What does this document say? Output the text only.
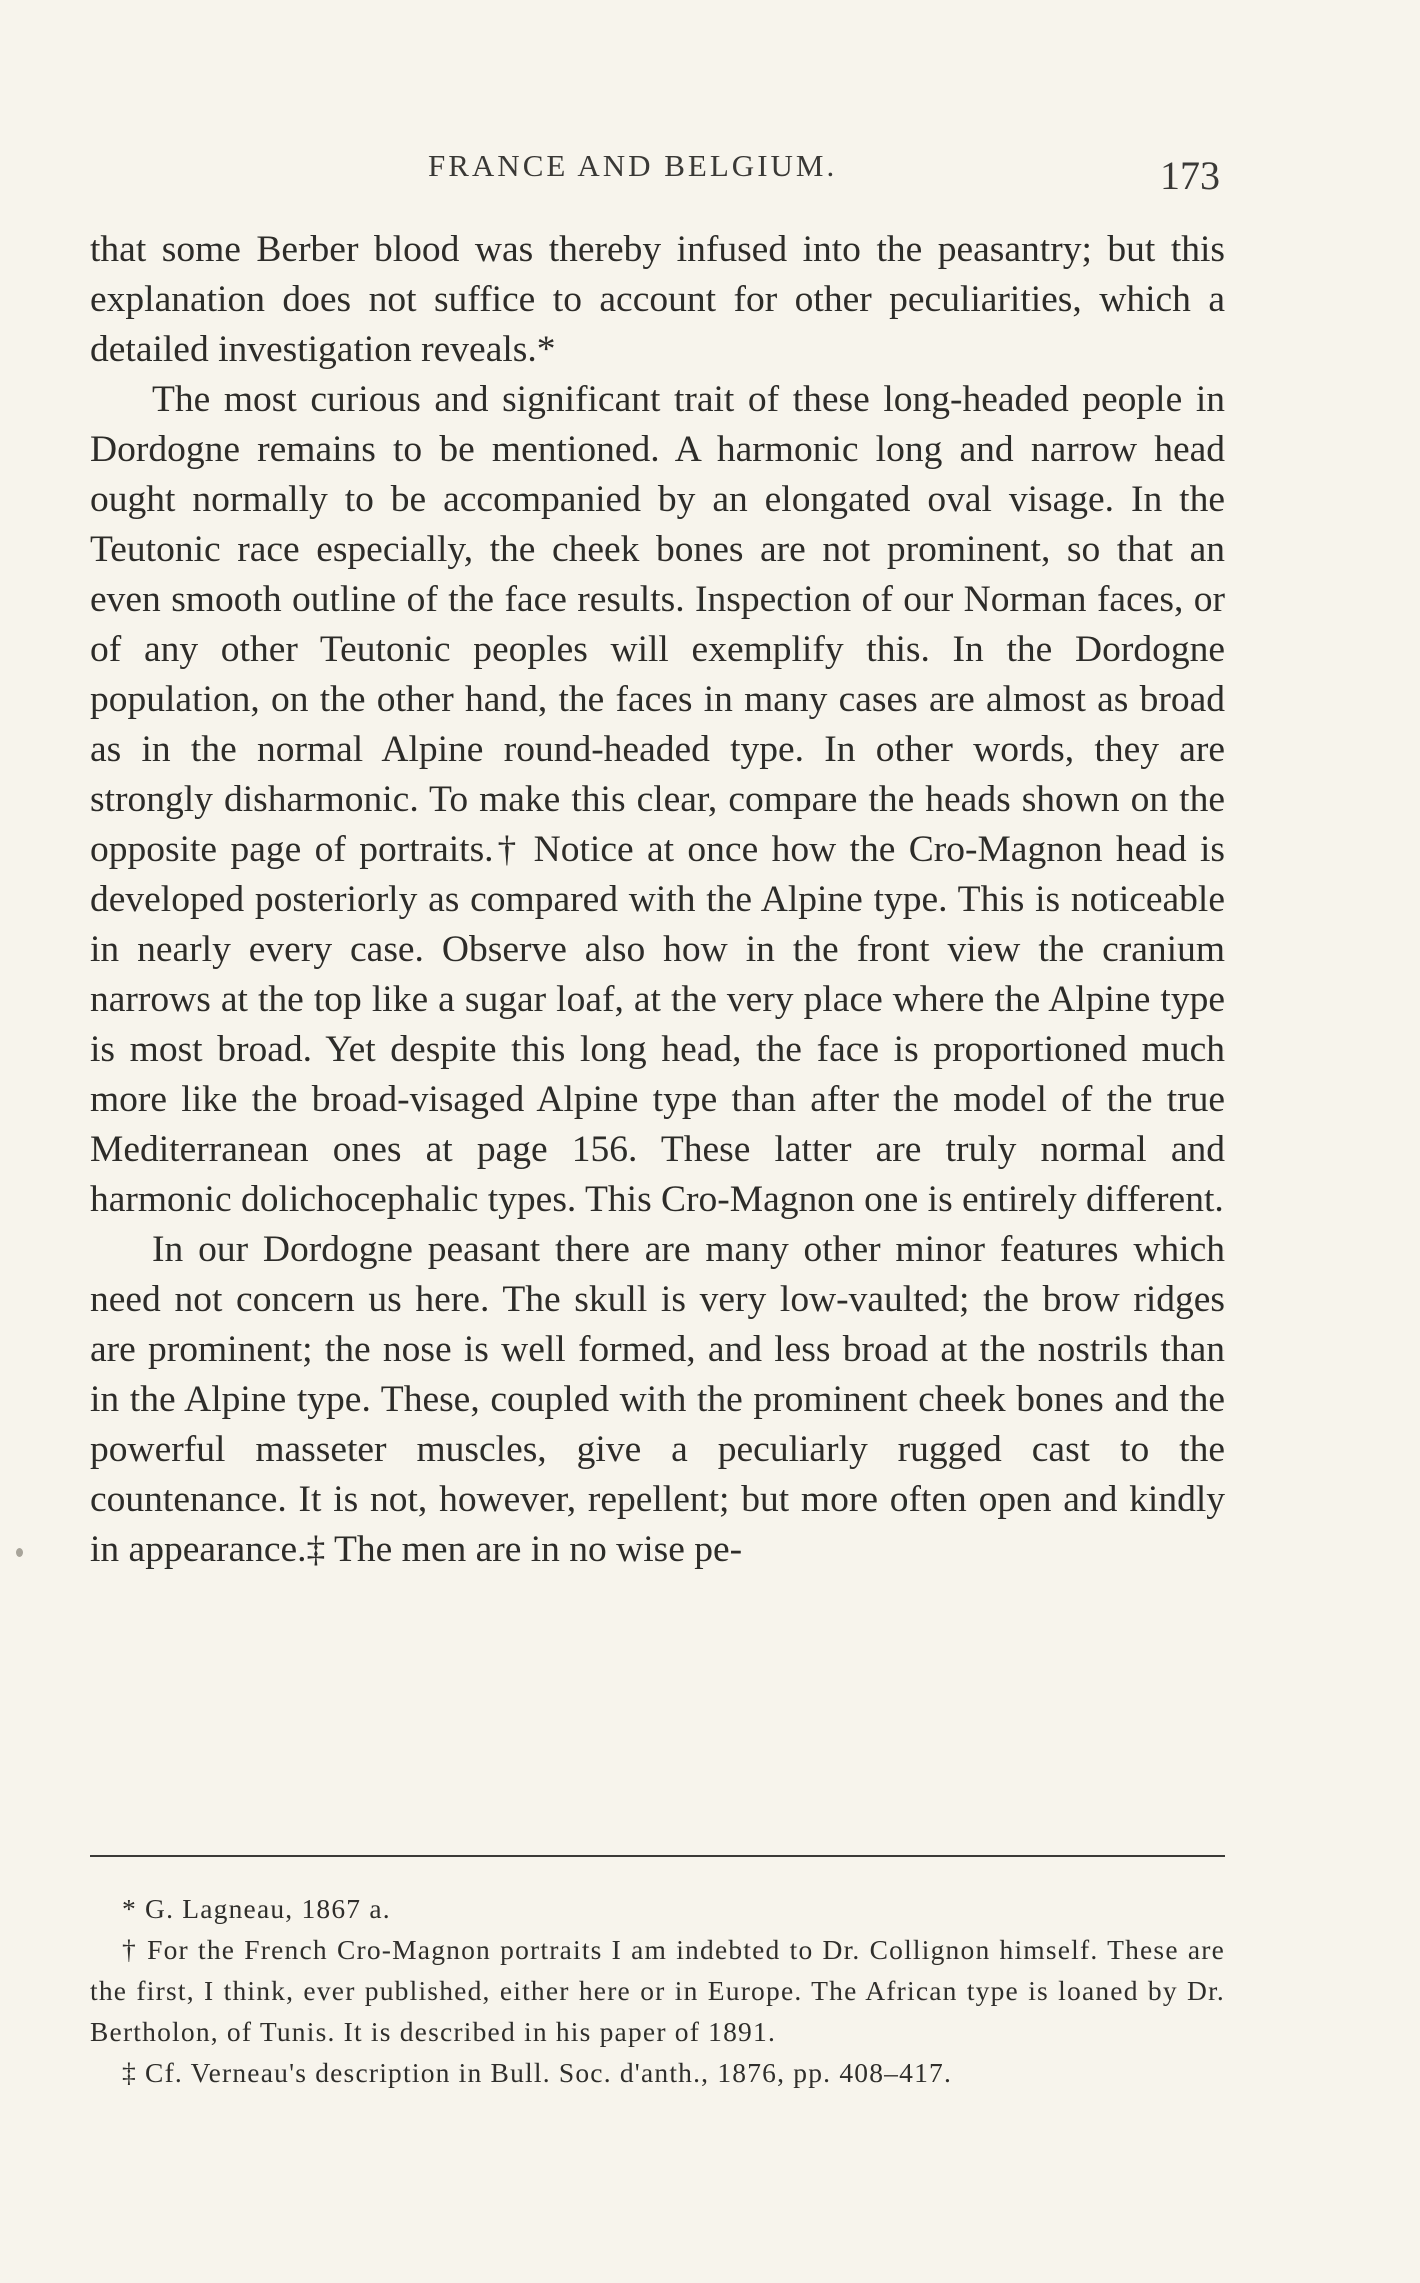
FRANCE AND BELGIUM.	173

that some Berber blood was thereby infused into the peasantry; but this explanation does not suffice to account for other peculiarities, which a detailed investigation reveals.*

The most curious and significant trait of these long-headed people in Dordogne remains to be mentioned. A harmonic long and narrow head ought normally to be accompanied by an elongated oval visage. In the Teutonic race especially, the cheek bones are not prominent, so that an even smooth outline of the face results. Inspection of our Norman faces, or of any other Teutonic peoples will exemplify this. In the Dordogne population, on the other hand, the faces in many cases are almost as broad as in the normal Alpine round-headed type. In other words, they are strongly disharmonic. To make this clear, compare the heads shown on the opposite page of portraits.† Notice at once how the Cro-Magnon head is developed posteriorly as compared with the Alpine type. This is noticeable in nearly every case. Observe also how in the front view the cranium narrows at the top like a sugar loaf, at the very place where the Alpine type is most broad. Yet despite this long head, the face is proportioned much more like the broad-visaged Alpine type than after the model of the true Mediterranean ones at page 156. These latter are truly normal and harmonic dolichocephalic types. This Cro-Magnon one is entirely different.

In our Dordogne peasant there are many other minor features which need not concern us here. The skull is very low-vaulted; the brow ridges are prominent; the nose is well formed, and less broad at the nostrils than in the Alpine type. These, coupled with the prominent cheek bones and the powerful masseter muscles, give a peculiarly rugged cast to the countenance. It is not, however, repellent; but more often open and kindly in appearance.‡ The men are in no wise pe-

* G. Lagneau, 1867 a.

† For the French Cro-Magnon portraits I am indebted to Dr. Collignon himself. These are the first, I think, ever published, either here or in Europe. The African type is loaned by Dr. Bertholon, of Tunis. It is described in his paper of 1891.

‡ Cf. Verneau's description in Bull. Soc. d'anth., 1876, pp. 408–417.
